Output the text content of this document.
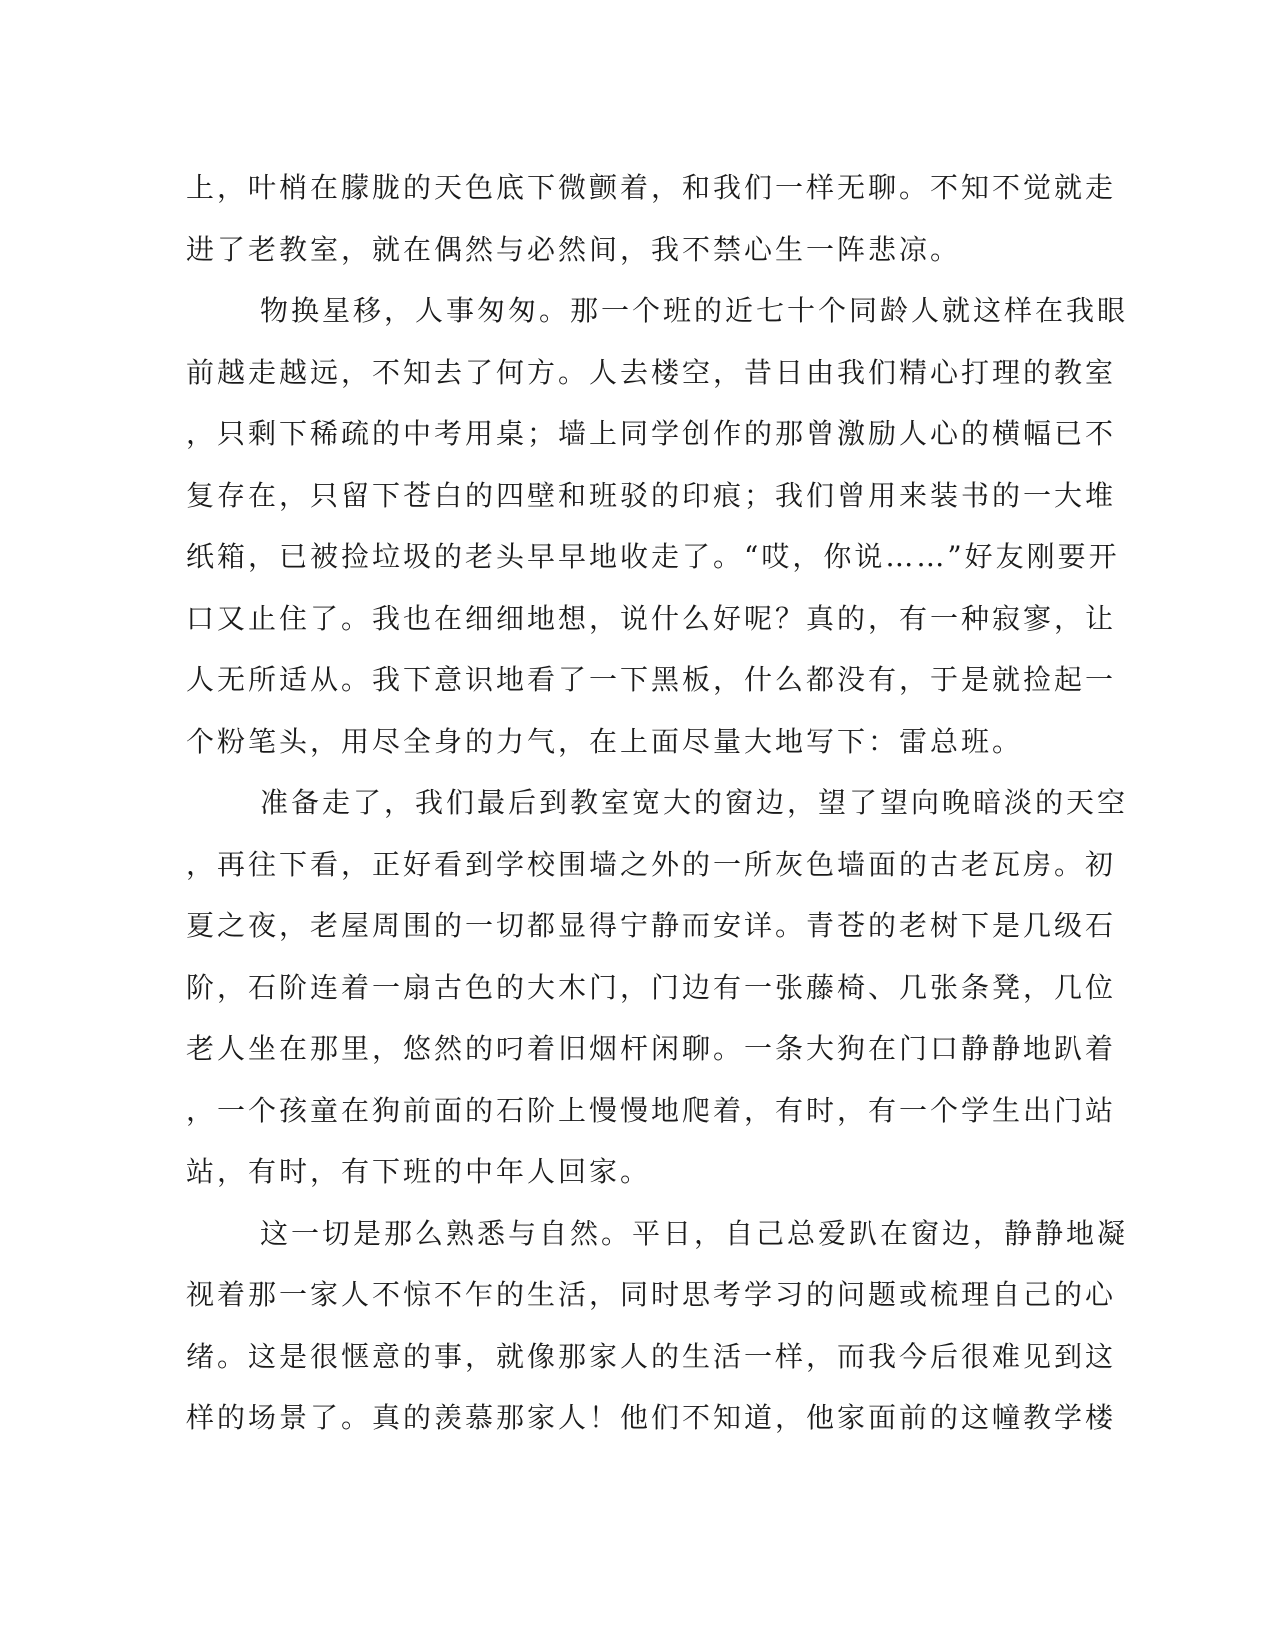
上，叶梢在朦胧的天色底下微颤着，和我们一样无聊。不知不觉就走
进了老教室，就在偶然与必然间，我不禁心生一阵悲凉。
物换星移，人事匆匆。那一个班的近七十个同龄人就这样在我眼
前越走越远，不知去了何方。人去楼空，昔日由我们精心打理的教室
，只剩下稀疏的中考用桌；墙上同学创作的那曾激励人心的横幅已不
复存在，只留下苍白的四壁和班驳的印痕；我们曾用来装书的一大堆
纸箱，已被捡垃圾的老头早早地收走了。“哎，你说……”好友刚要开
口又止住了。我也在细细地想，说什么好呢？真的，有一种寂寥，让
人无所适从。我下意识地看了一下黑板，什么都没有，于是就捡起一
个粉笔头，用尽全身的力气，在上面尽量大地写下：雷总班。
准备走了，我们最后到教室宽大的窗边，望了望向晚暗淡的天空
，再往下看，正好看到学校围墙之外的一所灰色墙面的古老瓦房。初
夏之夜，老屋周围的一切都显得宁静而安详。青苍的老树下是几级石
阶，石阶连着一扇古色的大木门，门边有一张藤椅、几张条凳，几位
老人坐在那里，悠然的叼着旧烟杆闲聊。一条大狗在门口静静地趴着
，一个孩童在狗前面的石阶上慢慢地爬着，有时，有一个学生出门站
站，有时，有下班的中年人回家。
这一切是那么熟悉与自然。平日，自己总爱趴在窗边，静静地凝
视着那一家人不惊不乍的生活，同时思考学习的问题或梳理自己的心
绪。这是很惬意的事，就像那家人的生活一样，而我今后很难见到这
样的场景了。真的羡慕那家人！他们不知道，他家面前的这幢教学楼
